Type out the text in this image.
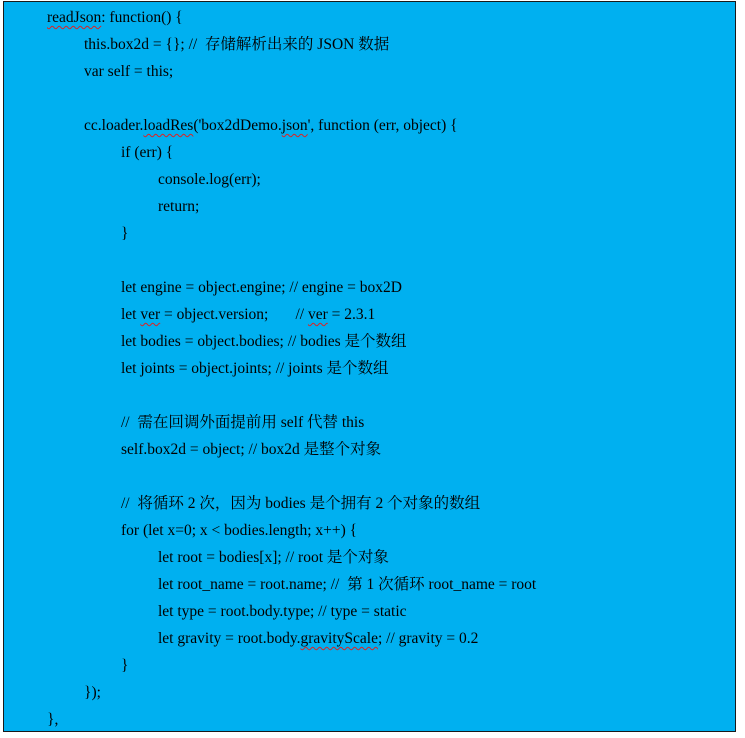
readJson: function() {
this.box2d = {}; //  存储解析出来的 JSON 数据
var self = this;
cc.loader.loadRes('box2dDemo.json', function (err, object) {
if (err) {
console.log(err);
return;
}
let engine = object.engine; // engine = box2D
let ver = object.version;       // ver = 2.3.1
let bodies = object.bodies; // bodies 是个数组
let joints = object.joints; // joints 是个数组
//  需在回调外面提前用 self 代替 this
self.box2d = object; // box2d 是整个对象
//  将循环 2 次，因为 bodies 是个拥有 2 个对象的数组
for (let x=0; x < bodies.length; x++) {
let root = bodies[x]; // root 是个对象
let root_name = root.name; //  第 1 次循环 root_name = root
let type = root.body.type; // type = static
let gravity = root.body.gravityScale; // gravity = 0.2
}
});
},
